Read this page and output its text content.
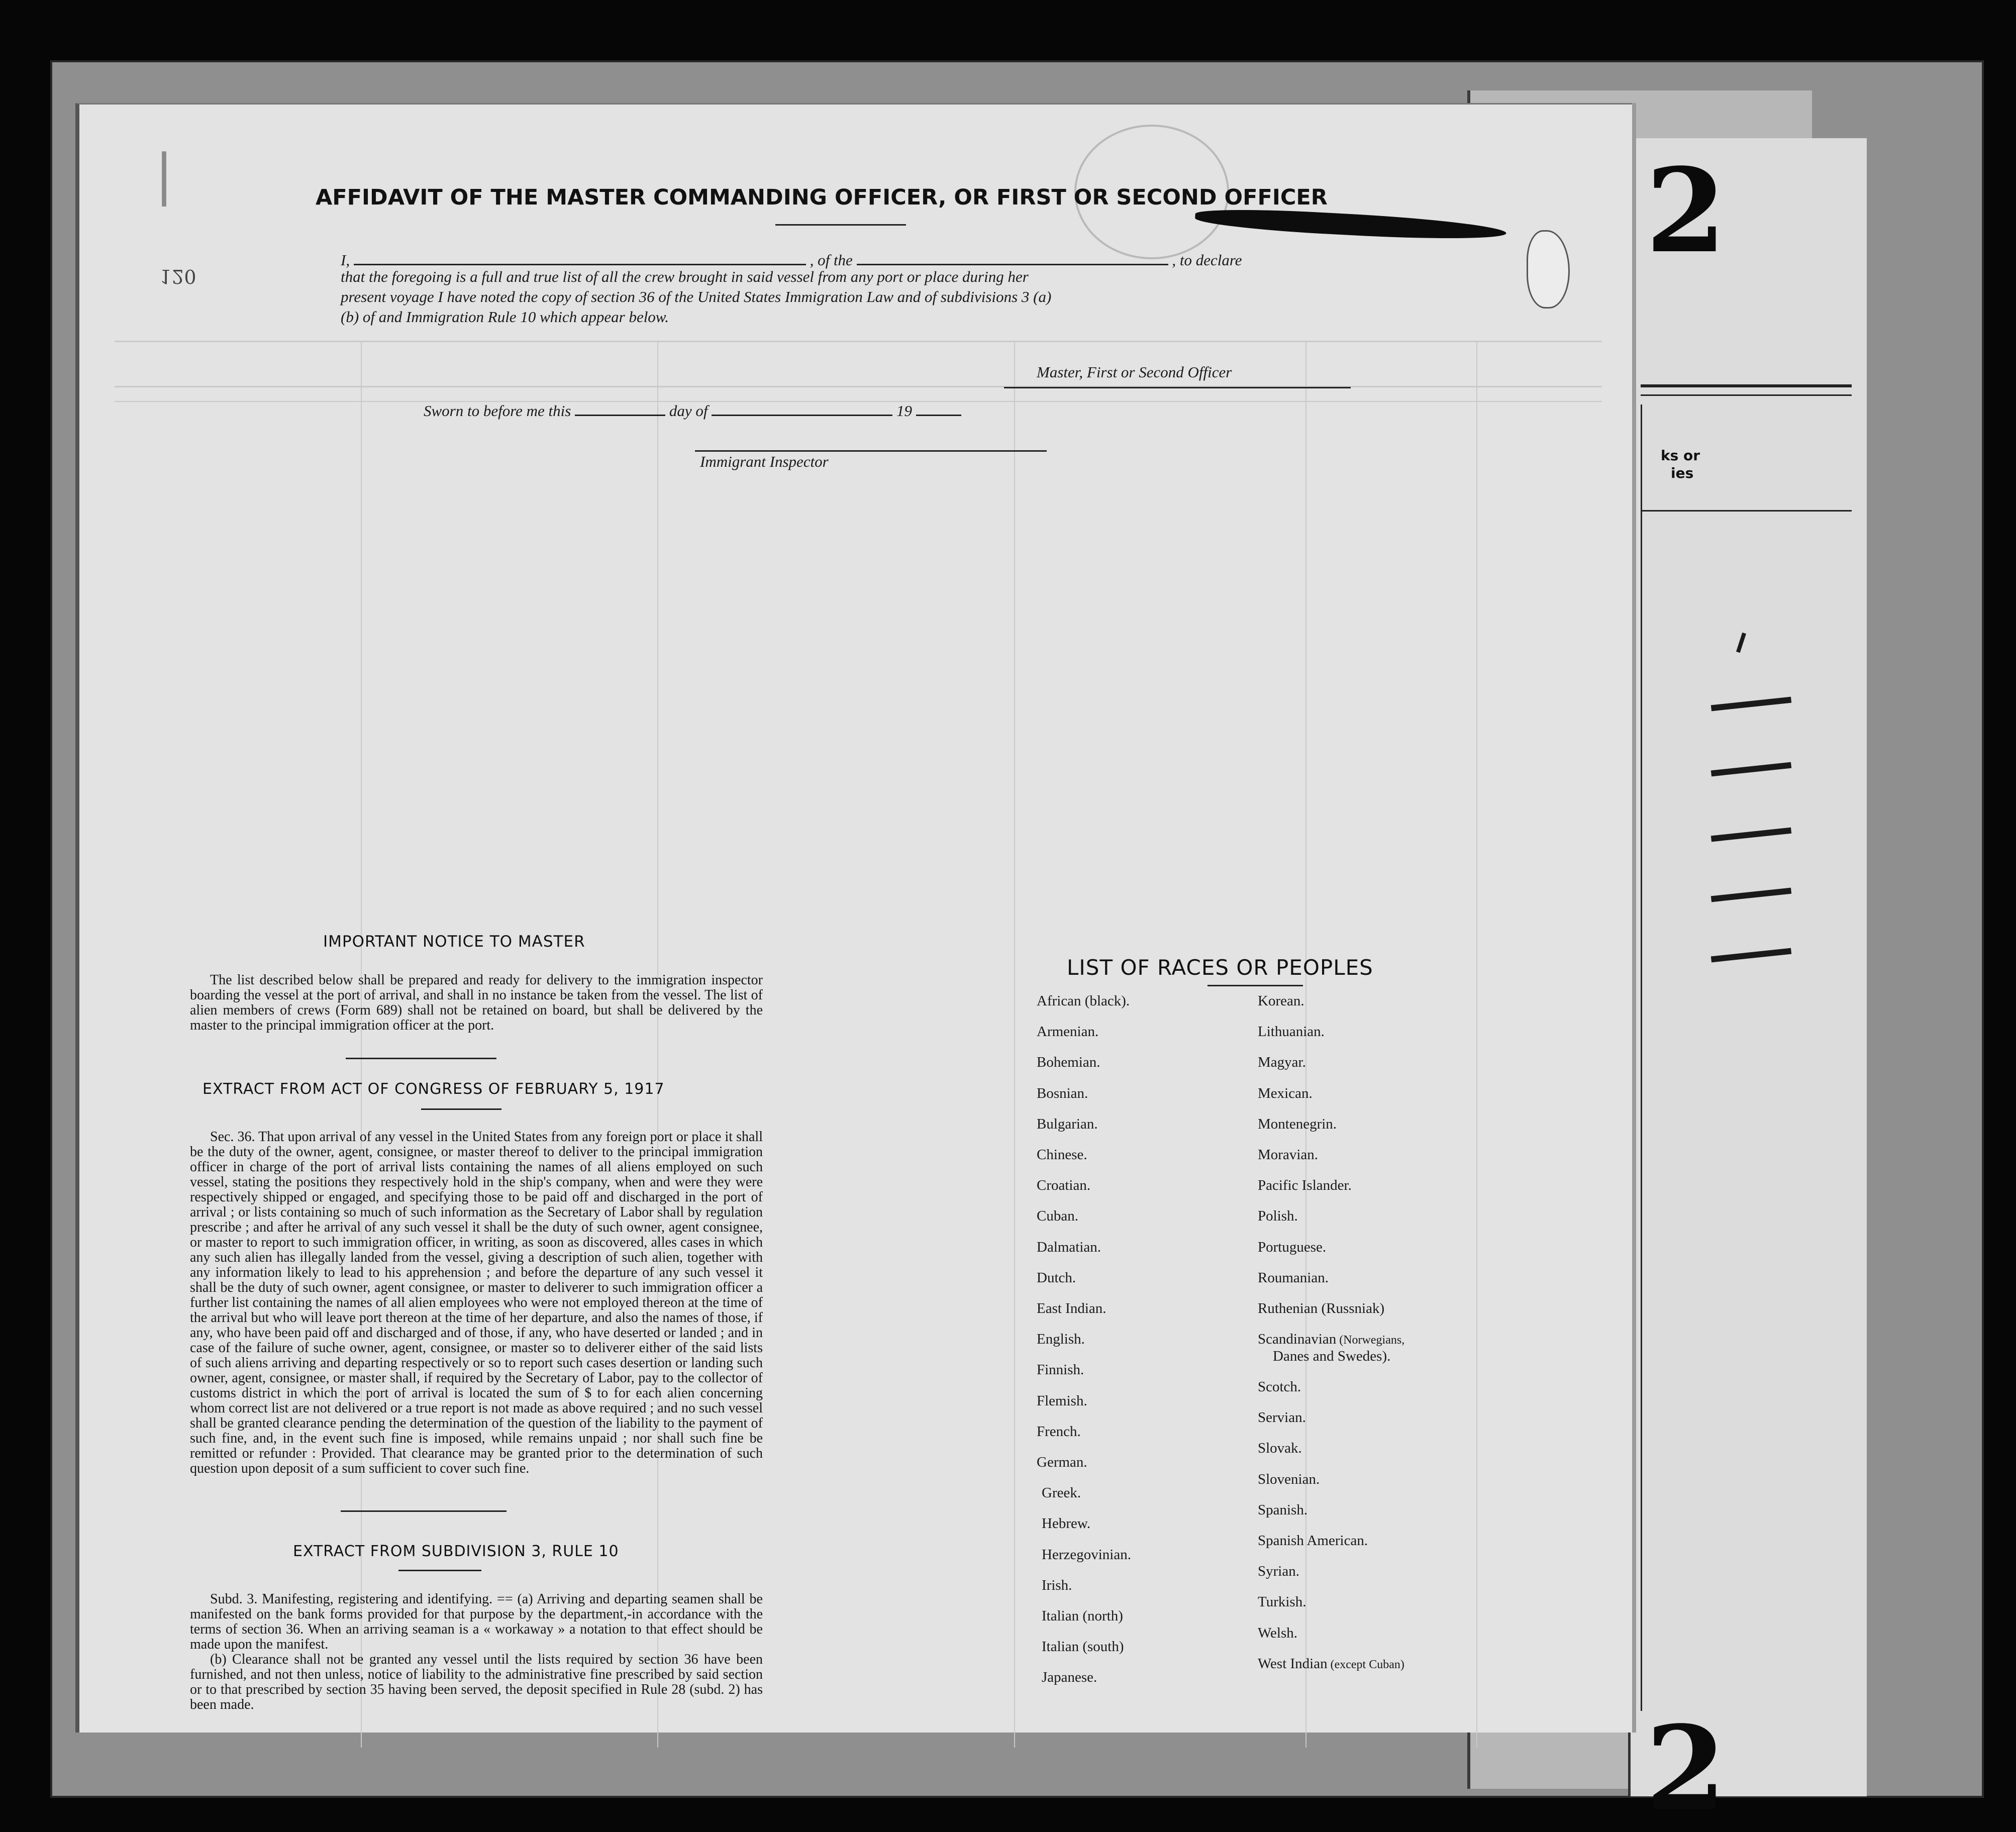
2
ks or
ies
2
|
120
AFFIDAVIT OF THE MASTER COMMANDING OFFICER, OR FIRST OR SECOND OFFICER
I,	, of the	, to declare
that the foregoing is a full and true list of all the crew brought in said vessel from any port or place during her
present voyage I have noted the copy of section 36 of the United States Immigration Law and of subdivisions 3 (a)
(b) of and Immigration Rule 10 which appear below.
Master, First or Second Officer
Sworn to before me this	day of	19
Immigrant Inspector
IMPORTANT NOTICE TO MASTER

The list described below shall be prepared and ready for delivery to the immigration inspector boarding the vessel at the port of arrival, and shall in no instance be taken from the vessel. The list of alien members of crews (Form 689) shall not be retained on board, but shall be delivered by the master to the principal immigration officer at the port.

EXTRACT FROM ACT OF CONGRESS OF FEBRUARY 5, 1917

Sec. 36. That upon arrival of any vessel in the United States from any foreign port or place it shall be the duty of the owner, agent, consignee, or master thereof to deliver to the principal immigration officer in charge of the port of arrival lists containing the names of all aliens employed on such vessel, stating the positions they respectively hold in the ship's company, when and were they were respectively shipped or engaged, and specifying those to be paid off and discharged in the port of arrival ; or lists containing so much of such information as the Secretary of Labor shall by regulation prescribe ; and after he arrival of any such vessel it shall be the duty of such owner, agent consignee, or master to report to such immigration officer, in writing, as soon as discovered, alles cases in which any such alien has illegally landed from the vessel, giving a description of such alien, together with any information likely to lead to his apprehension ; and before the departure of any such vessel it shall be the duty of such owner, agent consignee, or master to deliverer to such immigration officer a further list containing the names of all alien employees who were not employed thereon at the time of the arrival but who will leave port thereon at the time of her departure, and also the names of those, if any, who have been paid off and discharged and of those, if any, who have deserted or landed ; and in case of the failure of suche owner, agent, consignee, or master so to deliverer either of the said lists of such aliens arriving and departing respectively or so to report such cases desertion or landing such owner, agent, consignee, or master shall, if required by the Secretary of Labor, pay to the collector of customs district in which the port of arrival is located the sum of $ to for each alien concerning whom correct list are not delivered or a true report is not made as above required ; and no such vessel shall be granted clearance pending the determination of the question of the liability to the payment of such fine, and, in the event such fine is imposed, while remains unpaid ; nor shall such fine be remitted or refunder : Provided. That clearance may be granted prior to the determination of such question upon deposit of a sum sufficient to cover such fine.

EXTRACT FROM SUBDIVISION 3, RULE 10

Subd. 3. Manifesting, registering and identifying. == (a) Arriving and departing seamen shall be manifested on the bank forms provided for that purpose by the department,-in accordance with the terms of section 36. When an arriving seaman is a « workaway » a notation to that effect should be made upon the manifest.

(b) Clearance shall not be granted any vessel until the lists required by section 36 have been furnished, and not then unless, notice of liability to the administrative fine prescribed by said section or to that prescribed by section 35 having been served, the deposit specified in Rule 28 (subd. 2) has been made.

LIST OF RACES OR PEOPLES
African (black).
Armenian.
Bohemian.
Bosnian.
Bulgarian.
Chinese.
Croatian.
Cuban.
Dalmatian.
Dutch.
East Indian.
English.
Finnish.
Flemish.
French.
German.
Greek.
Hebrew.
Herzegovinian.
Irish.
Italian (north)
Italian (south)
Japanese.
Korean.
Lithuanian.
Magyar.
Mexican.
Montenegrin.
Moravian.
Pacific Islander.
Polish.
Portuguese.
Roumanian.
Ruthenian (Russniak)
Scandinavian (Norwegians,
Danes and Swedes).
Scotch.
Servian.
Slovak.
Slovenian.
Spanish.
Spanish American.
Syrian.
Turkish.
Welsh.
West Indian (except Cuban)
